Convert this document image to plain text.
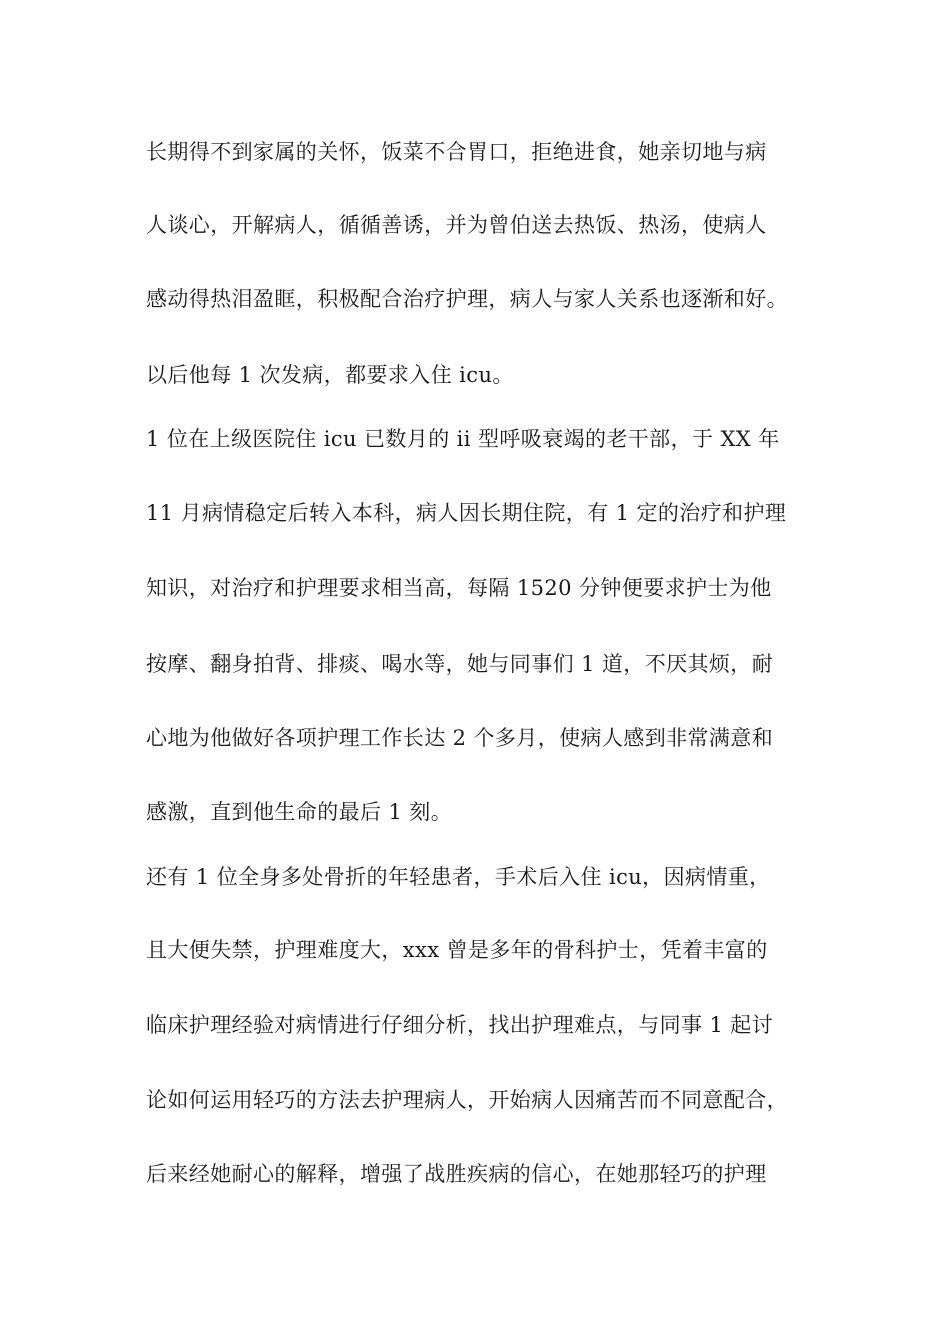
长期得不到家属的关怀，饭菜不合胃口，拒绝进食，她亲切地与病
人谈心，开解病人，循循善诱，并为曾伯送去热饭、热汤，使病人
感动得热泪盈眶，积极配合治疗护理，病人与家人关系也逐渐和好。
以后他每 1 次发病，都要求入住 icu。
1 位在上级医院住 icu 已数月的 ii 型呼吸衰竭的老干部，于 XX 年
11 月病情稳定后转入本科，病人因长期住院，有 1 定的治疗和护理
知识，对治疗和护理要求相当高，每隔 1520 分钟便要求护士为他
按摩、翻身拍背、排痰、喝水等，她与同事们 1 道，不厌其烦，耐
心地为他做好各项护理工作长达 2 个多月，使病人感到非常满意和
感激，直到他生命的最后 1 刻。
还有 1 位全身多处骨折的年轻患者，手术后入住 icu，因病情重，
且大便失禁，护理难度大，xxx 曾是多年的骨科护士，凭着丰富的
临床护理经验对病情进行仔细分析，找出护理难点，与同事 1 起讨
论如何运用轻巧的方法去护理病人，开始病人因痛苦而不同意配合，
后来经她耐心的解释，增强了战胜疾病的信心，在她那轻巧的护理
